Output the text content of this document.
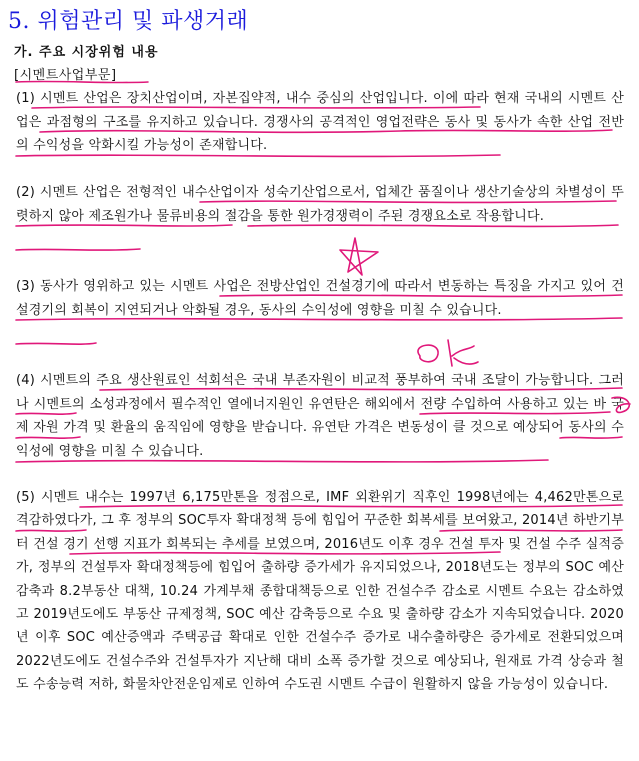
5. 위험관리 및 파생거래
가. 주요 시장위험 내용

[시멘트사업부문]

(1) 시멘트 산업은 장치산업이며, 자본집약적, 내수 중심의 산업입니다. 이에 따라 현재 국내의 시멘트 산업은 과점형의 구조를 유지하고 있습니다. 경쟁사의 공격적인 영업전략은 동사 및 동사가 속한 산업 전반의 수익성을 악화시킬 가능성이 존재합니다.

(2) 시멘트 산업은 전형적인 내수산업이자 성숙기산업으로서, 업체간 품질이나 생산기술상의 차별성이 뚜렷하지 않아 제조원가나 물류비용의 절감을 통한 원가경쟁력이 주된 경쟁요소로 작용합니다.

(3) 동사가 영위하고 있는 시멘트 사업은 전방산업인 건설경기에 따라서 변동하는 특징을 가지고 있어 건설경기의 회복이 지연되거나 악화될 경우, 동사의 수익성에 영향을 미칠 수 있습니다.

(4) 시멘트의 주요 생산원료인 석회석은 국내 부존자원이 비교적 풍부하여 국내 조달이 가능합니다. 그러나 시멘트의 소성과정에서 필수적인 열에너지원인 유연탄은 해외에서 전량 수입하여 사용하고 있는 바 국제 자원 가격 및 환율의 움직임에 영향을 받습니다. 유연탄 가격은 변동성이 클 것으로 예상되어 동사의 수익성에 영향을 미칠 수 있습니다.

(5) 시멘트 내수는 1997년 6,175만톤을 정점으로, IMF 외환위기 직후인 1998년에는 4,462만톤으로 격감하였다가, 그 후 정부의 SOC투자 확대정책 등에 힘입어 꾸준한 회복세를 보여왔고, 2014년 하반기부터 건설 경기 선행 지표가 회복되는 추세를 보였으며, 2016년도 이후 경우 건설 투자 및 건설 수주 실적증가, 정부의 건설투자 확대정책등에 힘입어 출하량 증가세가 유지되었으나, 2018년도는 정부의 SOC 예산 감축과 8.2부동산 대책, 10.24 가계부채 종합대책등으로 인한 건설수주 감소로 시멘트 수요는 감소하였고 2019년도에도 부동산 규제정책, SOC 예산 감축등으로 수요 및 출하량 감소가 지속되었습니다. 2020년 이후 SOC 예산증액과 주택공급 확대로 인한 건설수주 증가로 내수출하량은 증가세로 전환되었으며 2022년도에도 건설수주와 건설투자가 지난해 대비 소폭 증가할 것으로 예상되나, 원재료 가격 상승과 철도 수송능력 저하, 화물차안전운임제로 인하여 수도권 시멘트 수급이 원활하지 않을 가능성이 있습니다.
